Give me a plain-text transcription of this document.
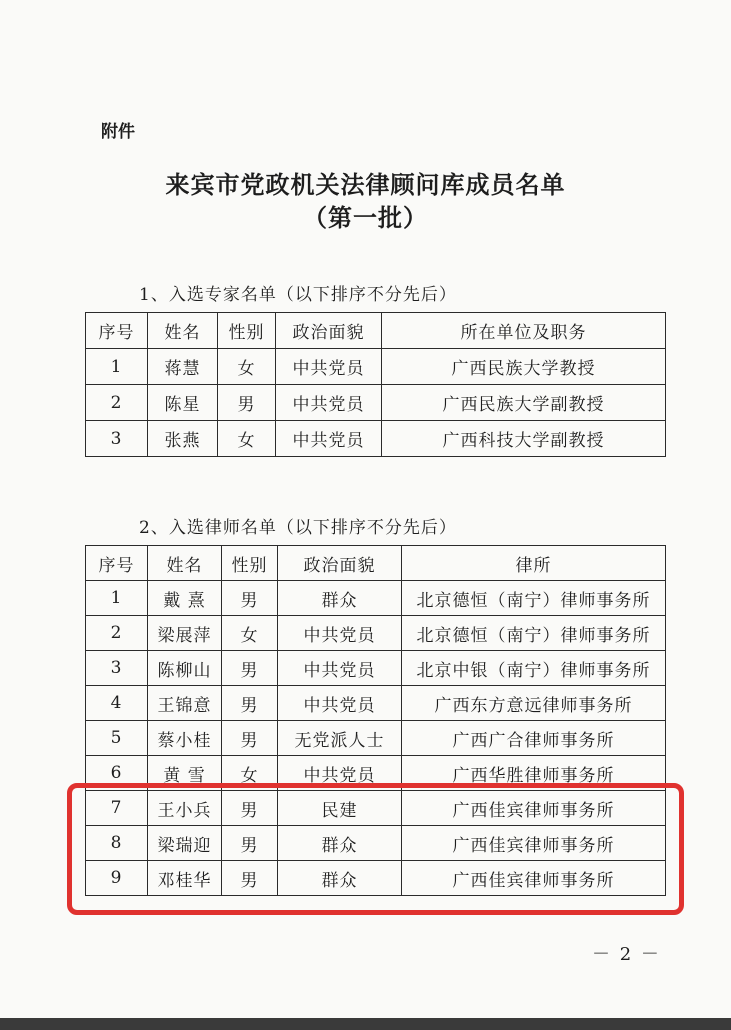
附件
来宾市党政机关法律顾问库成员名单
（第一批）
1、入选专家名单（以下排序不分先后）
序号	姓名	性别	政治面貌	所在单位及职务
1	蒋慧	女	中共党员	广西民族大学教授
2	陈星	男	中共党员	广西民族大学副教授
3	张燕	女	中共党员	广西科技大学副教授
2、入选律师名单（以下排序不分先后）
序号	姓名	性别	政治面貌	律所
1	戴 熹	男	群众	北京德恒（南宁）律师事务所
2	梁展萍	女	中共党员	北京德恒（南宁）律师事务所
3	陈柳山	男	中共党员	北京中银（南宁）律师事务所
4	王锦意	男	中共党员	广西东方意远律师事务所
5	蔡小桂	男	无党派人士	广西广合律师事务所
6	黄 雪	女	中共党员	广西华胜律师事务所
7	王小兵	男	民建	广西佳宾律师事务所
8	梁瑞迎	男	群众	广西佳宾律师事务所
9	邓桂华	男	群众	广西佳宾律师事务所
－ 2 －
